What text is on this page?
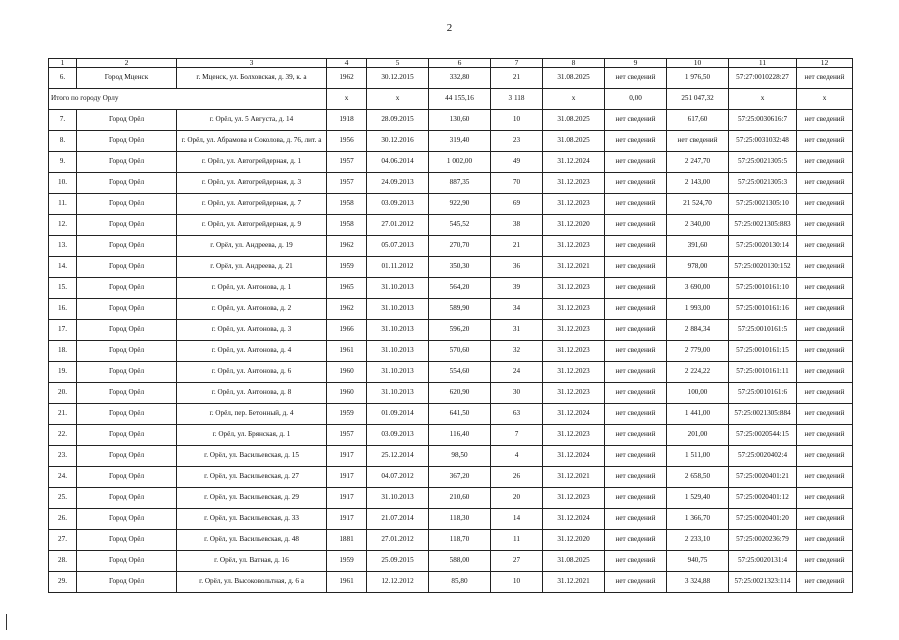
2
1	2	3	4	5	6	7	8	9	10	11	12
6.	Город Мценск	г. Мценск, ул. Болховская, д. 39, к. а	1962	30.12.2015	332,80	21	31.08.2025	нет сведений	1 976,50	57:27:0010228:27	нет сведений
Итого по городу Орлу			x	x	44 155,16	3 118	x	0,00	251 047,32	x	x
7.	Город Орёл	г. Орёл, ул. 5 Августа, д. 14	1918	28.09.2015	130,60	10	31.08.2025	нет сведений	617,60	57:25:0030616:7	нет сведений
8.	Город Орёл	г. Орёл, ул. Абрамова и Соколова, д. 76, лит. а	1956	30.12.2016	319,40	23	31.08.2025	нет сведений	нет сведений	57:25:0031032:48	нет сведений
9.	Город Орёл	г. Орёл, ул. Автогрейдерная, д. 1	1957	04.06.2014	1 002,00	49	31.12.2024	нет сведений	2 247,70	57:25:0021305:5	нет сведений
10.	Город Орёл	г. Орёл, ул. Автогрейдерная, д. 3	1957	24.09.2013	887,35	70	31.12.2023	нет сведений	2 143,00	57:25:0021305:3	нет сведений
11.	Город Орёл	г. Орёл, ул. Автогрейдерная, д. 7	1958	03.09.2013	922,90	69	31.12.2023	нет сведений	21 524,70	57:25:0021305:10	нет сведений
12.	Город Орёл	г. Орёл, ул. Автогрейдерная, д. 9	1958	27.01.2012	545,52	38	31.12.2020	нет сведений	2 340,00	57:25:0021305:883	нет сведений
13.	Город Орёл	г. Орёл, ул. Андреева, д. 19	1962	05.07.2013	270,70	21	31.12.2023	нет сведений	391,60	57:25:0020130:14	нет сведений
14.	Город Орёл	г. Орёл, ул. Андреева, д. 21	1959	01.11.2012	350,30	36	31.12.2021	нет сведений	978,00	57:25:0020130:152	нет сведений
15.	Город Орёл	г. Орёл, ул. Антонова, д. 1	1965	31.10.2013	564,20	39	31.12.2023	нет сведений	3 690,00	57:25:0010161:10	нет сведений
16.	Город Орёл	г. Орёл, ул. Антонова, д. 2	1962	31.10.2013	589,90	34	31.12.2023	нет сведений	1 993,00	57:25:0010161:16	нет сведений
17.	Город Орёл	г. Орёл, ул. Антонова, д. 3	1966	31.10.2013	596,20	31	31.12.2023	нет сведений	2 884,34	57:25:0010161:5	нет сведений
18.	Город Орёл	г. Орёл, ул. Антонова, д. 4	1961	31.10.2013	570,60	32	31.12.2023	нет сведений	2 779,00	57:25:0010161:15	нет сведений
19.	Город Орёл	г. Орёл, ул. Антонова, д. 6	1960	31.10.2013	554,60	24	31.12.2023	нет сведений	2 224,22	57:25:0010161:11	нет сведений
20.	Город Орёл	г. Орёл, ул. Антонова, д. 8	1960	31.10.2013	620,90	30	31.12.2023	нет сведений	100,00	57:25:0010161:6	нет сведений
21.	Город Орёл	г. Орёл, пер. Бетонный, д. 4	1959	01.09.2014	641,50	63	31.12.2024	нет сведений	1 441,00	57:25:0021305:884	нет сведений
22.	Город Орёл	г. Орёл, ул. Брянская, д. 1	1957	03.09.2013	116,40	7	31.12.2023	нет сведений	201,00	57:25:0020544:15	нет сведений
23.	Город Орёл	г. Орёл, ул. Васильевская, д. 15	1917	25.12.2014	98,50	4	31.12.2024	нет сведений	1 511,00	57:25:0020402:4	нет сведений
24.	Город Орёл	г. Орёл, ул. Васильевская, д. 27	1917	04.07.2012	367,20	26	31.12.2021	нет сведений	2 658,50	57:25:0020401:21	нет сведений
25.	Город Орёл	г. Орёл, ул. Васильевская, д. 29	1917	31.10.2013	210,60	20	31.12.2023	нет сведений	1 529,40	57:25:0020401:12	нет сведений
26.	Город Орёл	г. Орёл, ул. Васильевская, д. 33	1917	21.07.2014	118,30	14	31.12.2024	нет сведений	1 366,70	57:25:0020401:20	нет сведений
27.	Город Орёл	г. Орёл, ул. Васильевская, д. 48	1881	27.01.2012	118,70	11	31.12.2020	нет сведений	2 233,10	57:25:0020236:79	нет сведений
28.	Город Орёл	г. Орёл, ул. Ватная, д. 16	1959	25.09.2015	588,00	27	31.08.2025	нет сведений	940,75	57:25:0020131:4	нет сведений
29.	Город Орёл	г. Орёл, ул. Высоковольтная, д. 6 а	1961	12.12.2012	85,80	10	31.12.2021	нет сведений	3 324,88	57:25:0021323:114	нет сведений
